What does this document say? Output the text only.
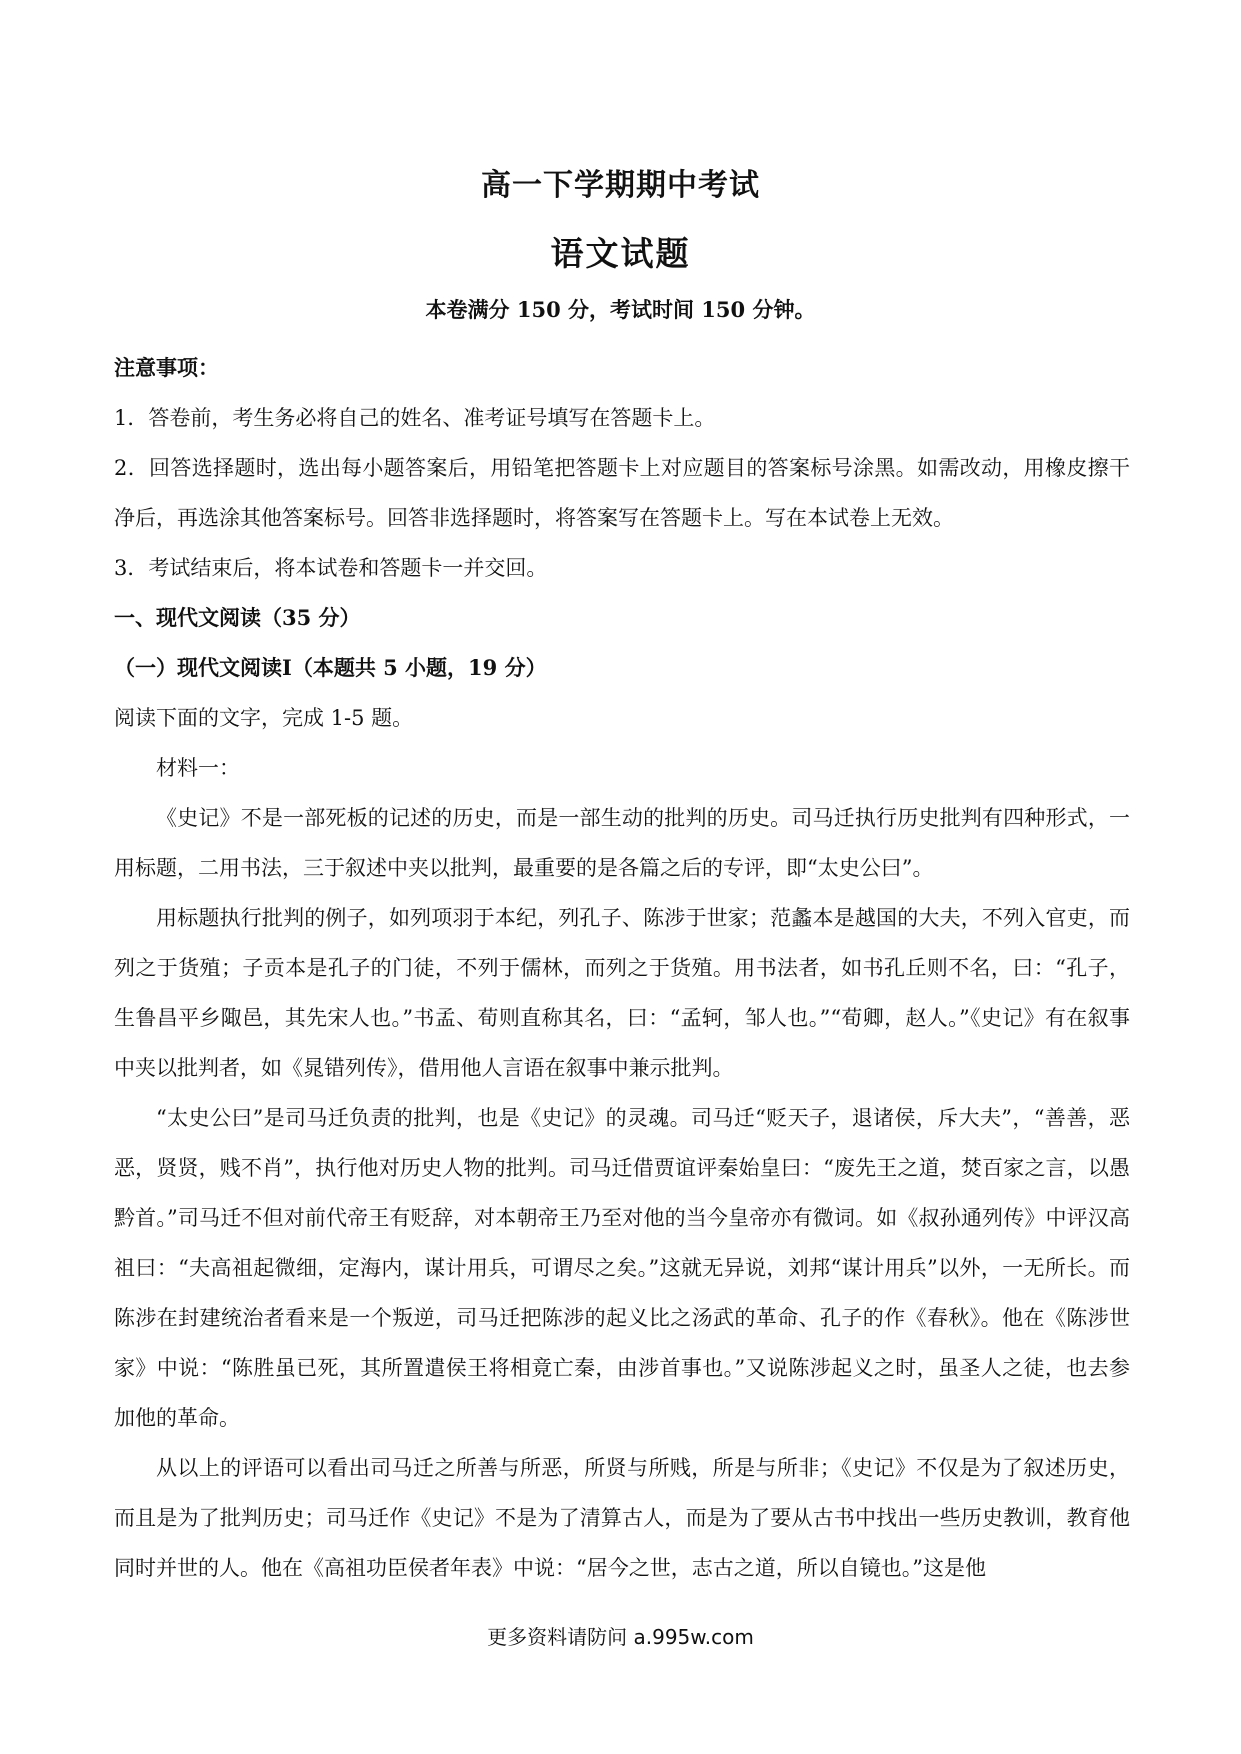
高一下学期期中考试
语文试题
本卷满分 150 分，考试时间 150 分钟。

注意事项：

1．答卷前，考生务必将自己的姓名、准考证号填写在答题卡上。

2．回答选择题时，选出每小题答案后，用铅笔把答题卡上对应题目的答案标号涂黑。如需改动，用橡皮擦干净后，再选涂其他答案标号。回答非选择题时，将答案写在答题卡上。写在本试卷上无效。

3．考试结束后，将本试卷和答题卡一并交回。

一、现代文阅读（35 分）

（一）现代文阅读Ⅰ（本题共 5 小题，19 分）

阅读下面的文字，完成 1-5 题。

材料一：

《史记》不是一部死板的记述的历史，而是一部生动的批判的历史。司马迁执行历史批判有四种形式，一用标题，二用书法，三于叙述中夹以批判，最重要的是各篇之后的专评，即“太史公曰”。

用标题执行批判的例子，如列项羽于本纪，列孔子、陈涉于世家；范蠡本是越国的大夫，不列入官吏，而列之于货殖；子贡本是孔子的门徒，不列于儒林，而列之于货殖。用书法者，如书孔丘则不名，曰：“孔子，生鲁昌平乡陬邑，其先宋人也。”书孟、荀则直称其名，曰：“孟轲，邹人也。”“荀卿，赵人。”《史记》有在叙事中夹以批判者，如《晁错列传》，借用他人言语在叙事中兼示批判。

“太史公曰”是司马迁负责的批判，也是《史记》的灵魂。司马迁“贬天子，退诸侯，斥大夫”，“善善，恶恶，贤贤，贱不肖”，执行他对历史人物的批判。司马迁借贾谊评秦始皇曰：“废先王之道，焚百家之言，以愚黔首。”司马迁不但对前代帝王有贬辞，对本朝帝王乃至对他的当今皇帝亦有微词。如《叔孙通列传》中评汉高祖曰：“夫高祖起微细，定海内，谋计用兵，可谓尽之矣。”这就无异说，刘邦“谋计用兵”以外，一无所长。而陈涉在封建统治者看来是一个叛逆，司马迁把陈涉的起义比之汤武的革命、孔子的作《春秋》。他在《陈涉世家》中说：“陈胜虽已死，其所置遣侯王将相竟亡秦，由涉首事也。”又说陈涉起义之时，虽圣人之徒，也去参加他的革命。

从以上的评语可以看出司马迁之所善与所恶，所贤与所贱，所是与所非；《史记》不仅是为了叙述历史，而且是为了批判历史；司马迁作《史记》不是为了清算古人，而是为了要从古书中找出一些历史教训，教育他同时并世的人。他在《高祖功臣侯者年表》中说：“居今之世，志古之道，所以自镜也。”这是他

更多资料请防问 a.995w.com
